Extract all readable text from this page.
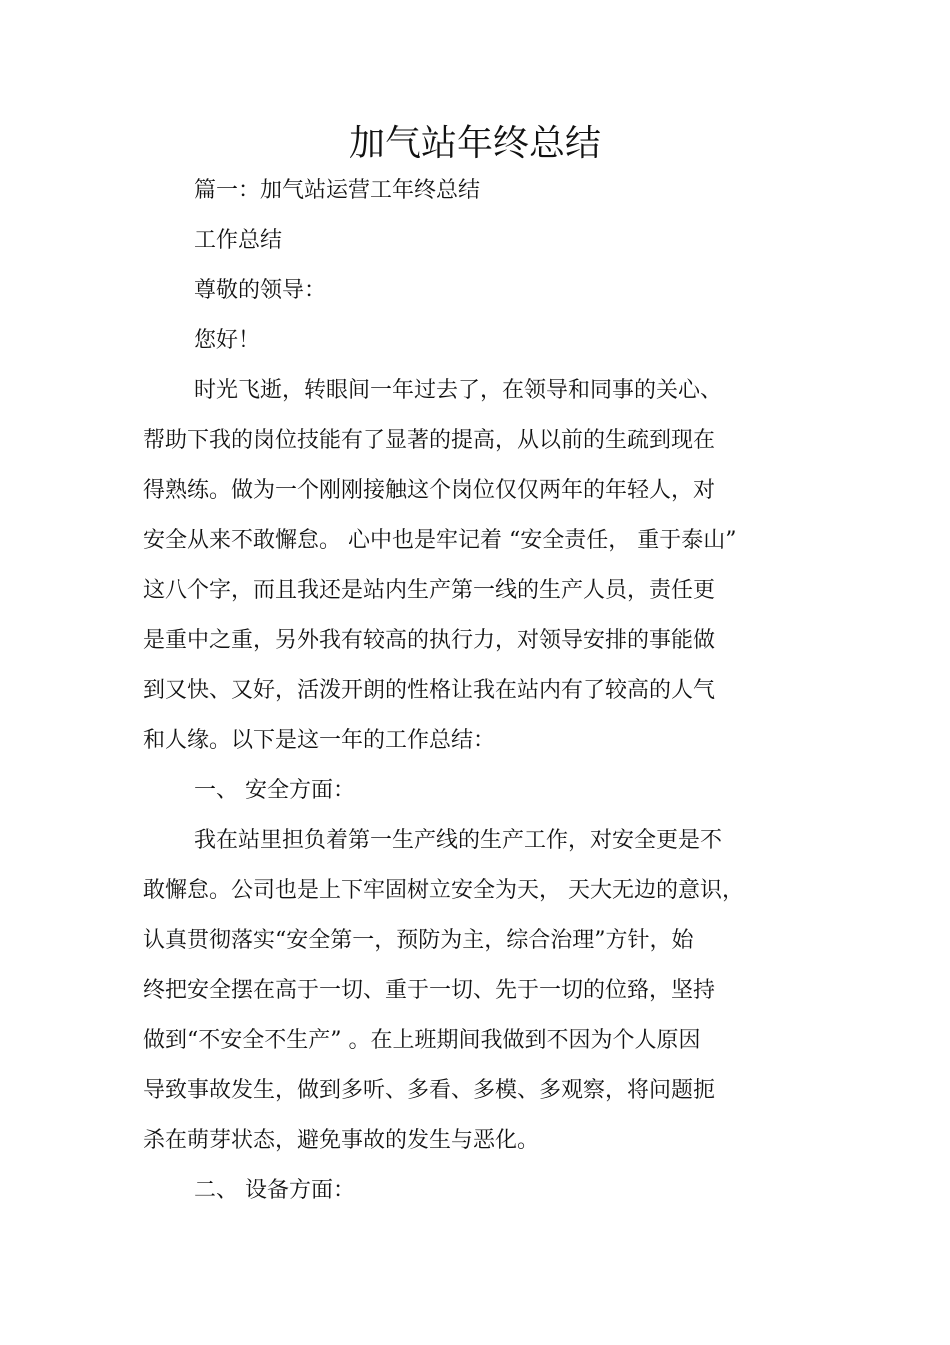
加气站年终总结
篇一：加气站运营工年终总结
工作总结
尊敬的领导：
您好！
时光飞逝，转眼间一年过去了，在领导和同事的关心、
帮助下我的岗位技能有了显著的提高，从以前的生疏到现在
得熟练。做为一个刚刚接触这个岗位仅仅两年的年轻人，对
安全从来不敢懈怠。 心中也是牢记着 “安全责任， 重于泰山”
这八个字，而且我还是站内生产第一线的生产人员，责任更
是重中之重，另外我有较高的执行力，对领导安排的事能做
到又快、又好，活泼开朗的性格让我在站内有了较高的人气
和人缘。以下是这一年的工作总结：
一、 安全方面：
我在站里担负着第一生产线的生产工作，对安全更是不
敢懈怠。公司也是上下牢固树立安全为天， 天大无边的意识，
认真贯彻落实“安全第一，预防为主，综合治理”方针，始
终把安全摆在高于一切、重于一切、先于一切的位臵，坚持
做到“不安全不生产” 。在上班期间我做到不因为个人原因
导致事故发生，做到多听、多看、多模、多观察，将问题扼
杀在萌芽状态，避免事故的发生与恶化。
二、 设备方面：
